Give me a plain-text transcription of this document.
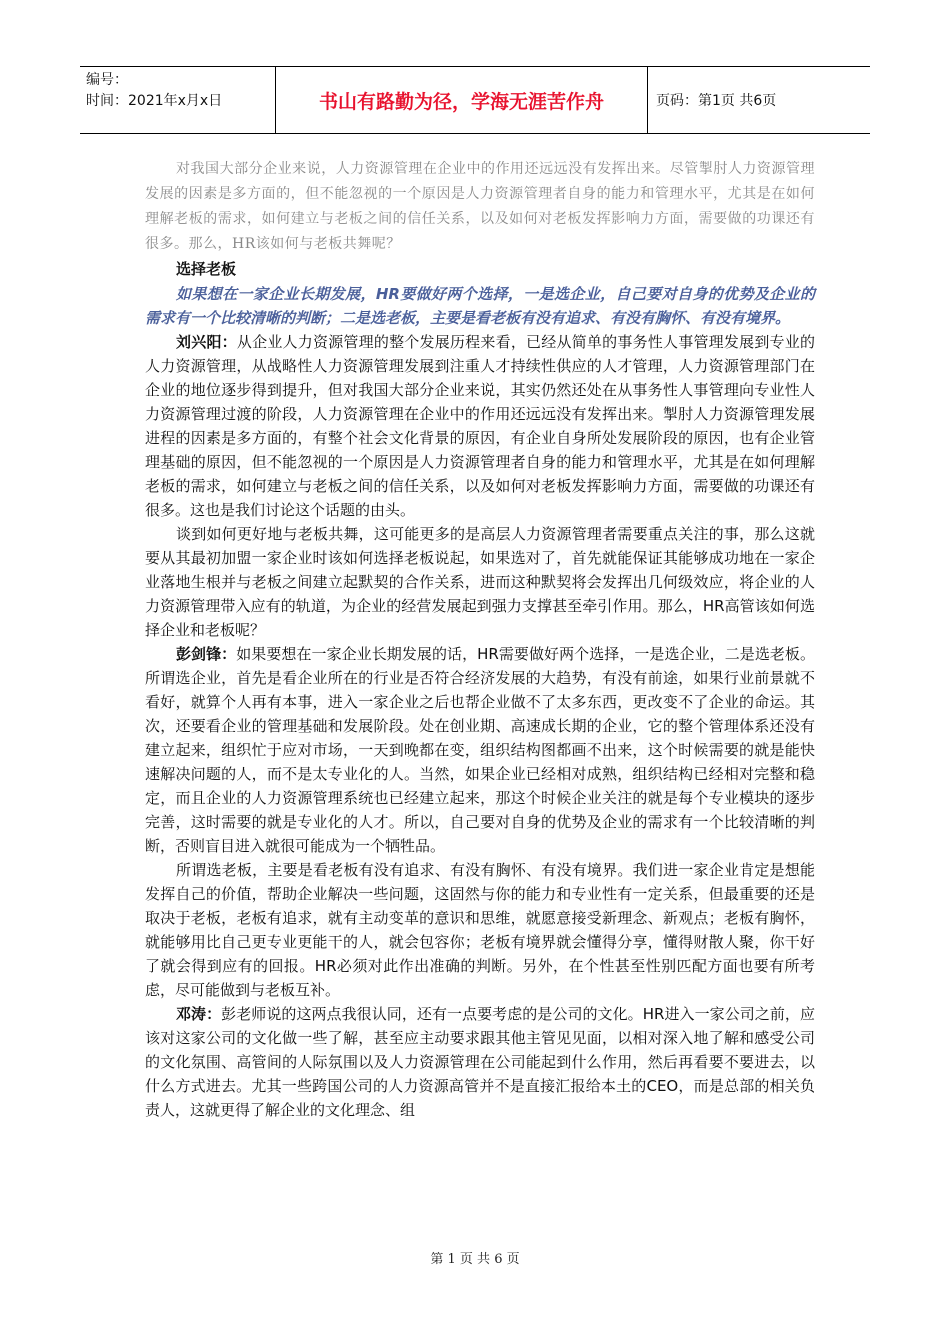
编号：
时间：2021年x月x日	书山有路勤为径，学海无涯苦作舟	页码：第1页 共6页

对我国大部分企业来说，人力资源管理在企业中的作用还远远没有发挥出来。尽管掣肘人力资源管理发展的因素是多方面的，但不能忽视的一个原因是人力资源管理者自身的能力和管理水平，尤其是在如何理解老板的需求，如何建立与老板之间的信任关系，以及如何对老板发挥影响力方面，需要做的功课还有很多。那么，HR该如何与老板共舞呢？

选择老板

如果想在一家企业长期发展，HR要做好两个选择，一是选企业，自己要对自身的优势及企业的需求有一个比较清晰的判断；二是选老板，主要是看老板有没有追求、有没有胸怀、有没有境界。

刘兴阳：从企业人力资源管理的整个发展历程来看，已经从简单的事务性人事管理发展到专业的人力资源管理，从战略性人力资源管理发展到注重人才持续性供应的人才管理，人力资源管理部门在企业的地位逐步得到提升，但对我国大部分企业来说，其实仍然还处在从事务性人事管理向专业性人力资源管理过渡的阶段，人力资源管理在企业中的作用还远远没有发挥出来。掣肘人力资源管理发展进程的因素是多方面的，有整个社会文化背景的原因，有企业自身所处发展阶段的原因，也有企业管理基础的原因，但不能忽视的一个原因是人力资源管理者自身的能力和管理水平，尤其是在如何理解老板的需求，如何建立与老板之间的信任关系，以及如何对老板发挥影响力方面，需要做的功课还有很多。这也是我们讨论这个话题的由头。

谈到如何更好地与老板共舞，这可能更多的是高层人力资源管理者需要重点关注的事，那么这就要从其最初加盟一家企业时该如何选择老板说起，如果选对了，首先就能保证其能够成功地在一家企业落地生根并与老板之间建立起默契的合作关系，进而这种默契将会发挥出几何级效应，将企业的人力资源管理带入应有的轨道，为企业的经营发展起到强力支撑甚至牵引作用。那么，HR高管该如何选择企业和老板呢？

彭剑锋：如果要想在一家企业长期发展的话，HR需要做好两个选择，一是选企业，二是选老板。所谓选企业，首先是看企业所在的行业是否符合经济发展的大趋势，有没有前途，如果行业前景就不看好，就算个人再有本事，进入一家企业之后也帮企业做不了太多东西，更改变不了企业的命运。其次，还要看企业的管理基础和发展阶段。处在创业期、高速成长期的企业，它的整个管理体系还没有建立起来，组织忙于应对市场，一天到晚都在变，组织结构图都画不出来，这个时候需要的就是能快速解决问题的人，而不是太专业化的人。当然，如果企业已经相对成熟，组织结构已经相对完整和稳定，而且企业的人力资源管理系统也已经建立起来，那这个时候企业关注的就是每个专业模块的逐步完善，这时需要的就是专业化的人才。所以，自己要对自身的优势及企业的需求有一个比较清晰的判断，否则盲目进入就很可能成为一个牺牲品。

所谓选老板，主要是看老板有没有追求、有没有胸怀、有没有境界。我们进一家企业肯定是想能发挥自己的价值，帮助企业解决一些问题，这固然与你的能力和专业性有一定关系，但最重要的还是取决于老板，老板有追求，就有主动变革的意识和思维，就愿意接受新理念、新观点；老板有胸怀，就能够用比自己更专业更能干的人，就会包容你；老板有境界就会懂得分享，懂得财散人聚，你干好了就会得到应有的回报。HR必须对此作出准确的判断。另外，在个性甚至性别匹配方面也要有所考虑，尽可能做到与老板互补。

邓涛：彭老师说的这两点我很认同，还有一点要考虑的是公司的文化。HR进入一家公司之前，应该对这家公司的文化做一些了解，甚至应主动要求跟其他主管见见面，以相对深入地了解和感受公司的文化氛围、高管间的人际氛围以及人力资源管理在公司能起到什么作用，然后再看要不要进去，以什么方式进去。尤其一些跨国公司的人力资源高管并不是直接汇报给本土的CEO，而是总部的相关负责人，这就更得了解企业的文化理念、组

第 1 页 共 6 页
